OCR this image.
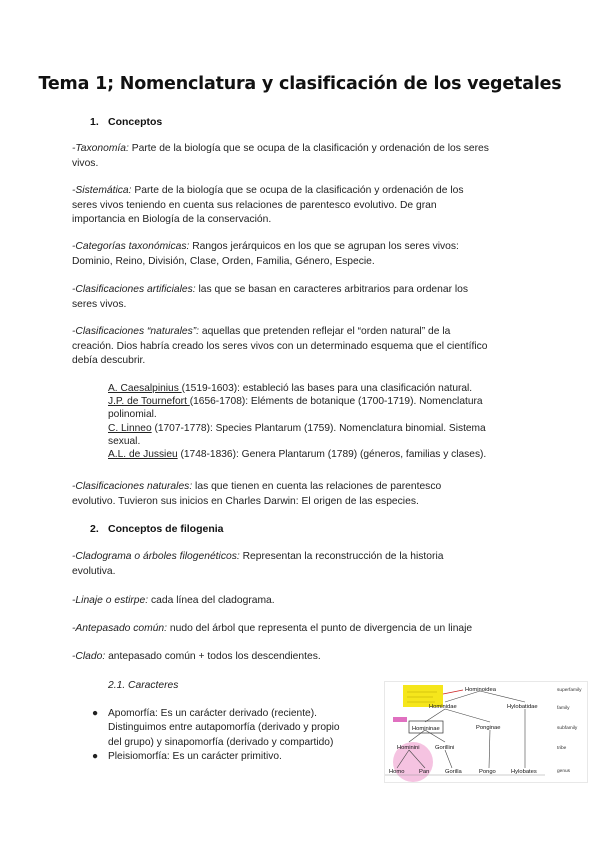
Tema 1; Nomenclatura y clasificación de los vegetales
1. Conceptos
-Taxonomía: Parte de la biología que se ocupa de la clasificación y ordenación de los seres
vivos.
-Sistemática: Parte de la biología que se ocupa de la clasificación y ordenación de los
seres vivos teniendo en cuenta sus relaciones de parentesco evolutivo. De gran
importancia en Biología de la conservación.
-Categorías taxonómicas: Rangos jerárquicos en los que se agrupan los seres vivos:
Dominio, Reino, División, Clase, Orden, Familia, Género, Especie.
-Clasificaciones artificiales: las que se basan en caracteres arbitrarios para ordenar los
seres vivos.
-Clasificaciones “naturales”: aquellas que pretenden reflejar el “orden natural” de la
creación. Dios habría creado los seres vivos con un determinado esquema que el científico
debía descubrir.
A. Caesalpinius (1519-1603): estableció las bases para una clasificación natural.
J.P. de Tournefort (1656-1708): Eléments de botanique (1700-1719). Nomenclatura
polinomial.
C. Linneo (1707-1778): Species Plantarum (1759). Nomenclatura binomial. Sistema
sexual.
A.L. de Jussieu (1748-1836): Genera Plantarum (1789) (géneros, familias y clases).
-Clasificaciones naturales: las que tienen en cuenta las relaciones de parentesco
evolutivo. Tuvieron sus inicios en Charles Darwin: El origen de las especies.
2. Conceptos de filogenia
-Cladograma o árboles filogenéticos: Representan la reconstrucción de la historia
evolutiva.
-Linaje o estirpe: cada línea del cladograma.
-Antepasado común: nudo del árbol que representa el punto de divergencia de un linaje
-Clado: antepasado común + todos los descendientes.
2.1. Caracteres
● Apomorfía: Es un carácter derivado (reciente).
Distinguimos entre autapomorfía (derivado y propio
del grupo) y sinapomorfía (derivado y compartido)
● Pleisiomorfía: Es un carácter primitivo.
Hominoidea
Hominidae	Hylobatidae
Homininae	Ponginae
Hominini	Gorillini
Homo	Pan	Gorilla	Pongo	Hylobates
superfamily
family
subfamily
tribe
genus
